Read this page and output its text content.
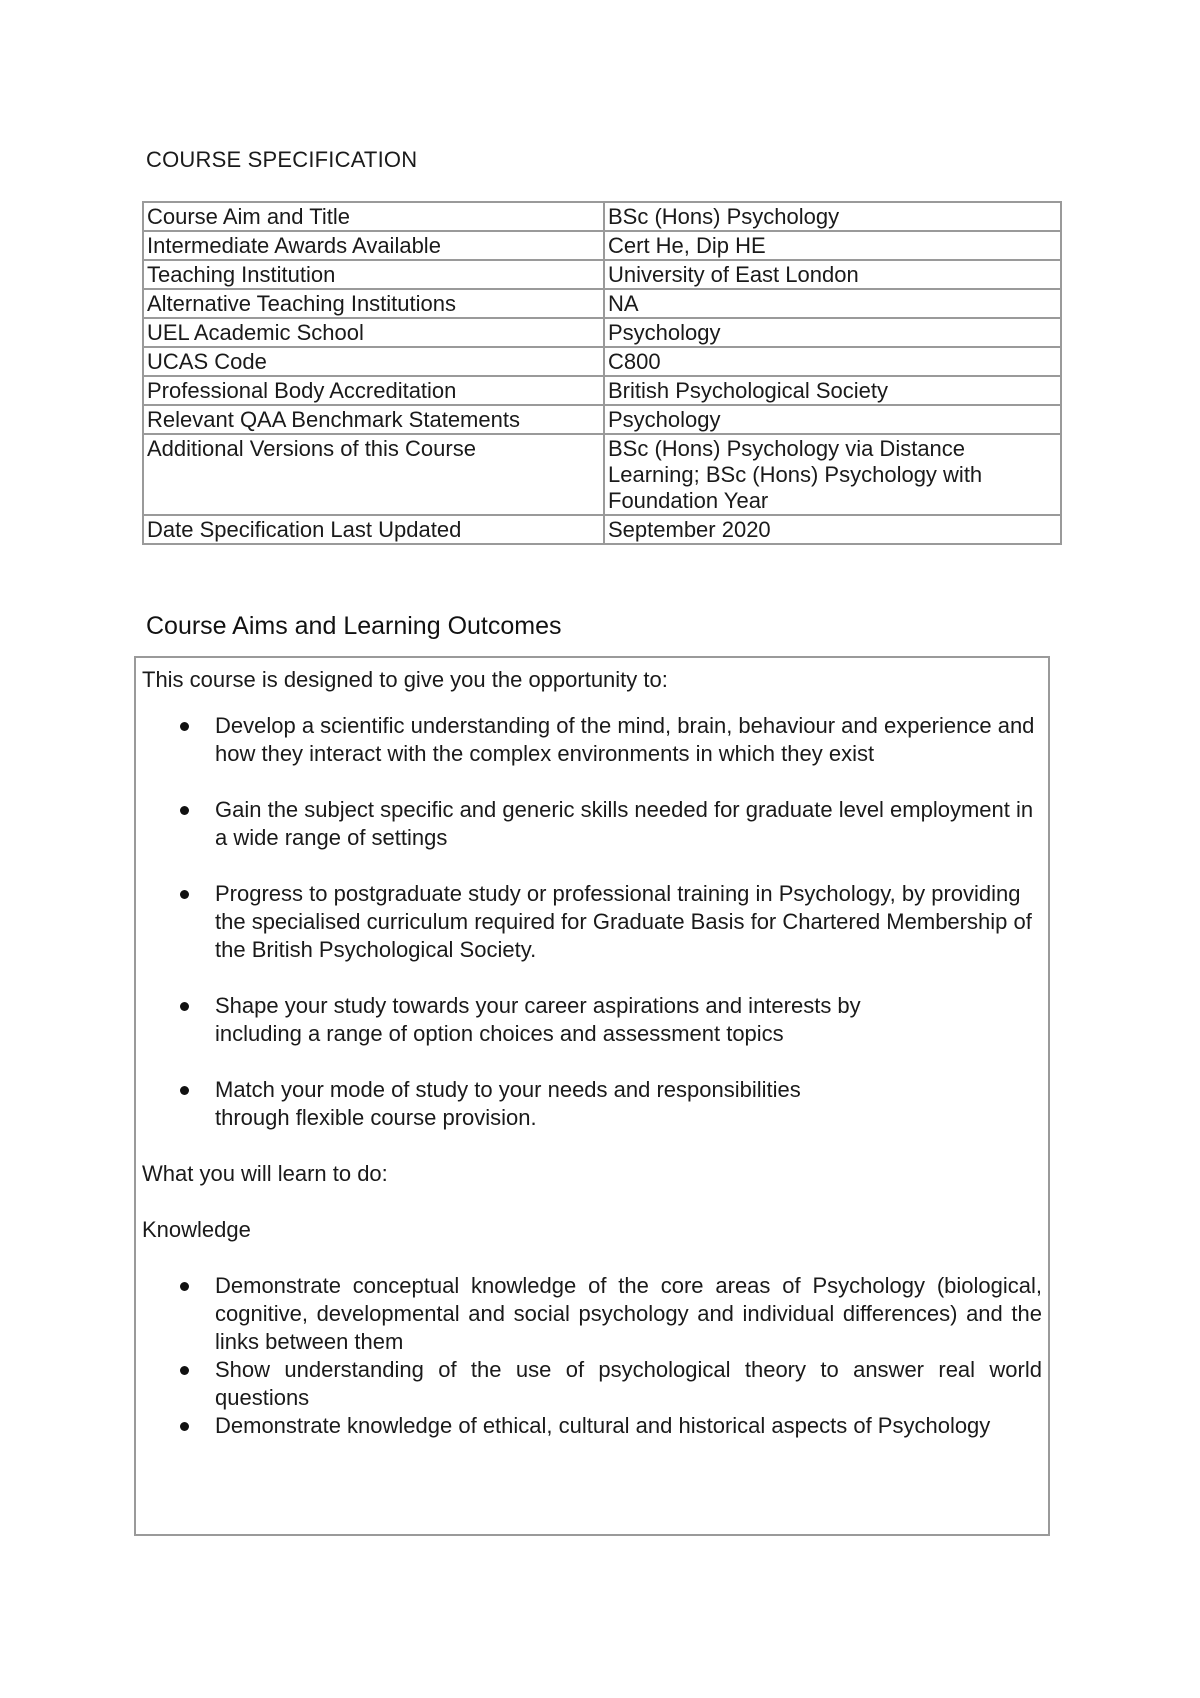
COURSE SPECIFICATION
Course Aim and Title	BSc (Hons) Psychology
Intermediate Awards Available	Cert He, Dip HE
Teaching Institution	University of East London
Alternative Teaching Institutions	NA
UEL Academic School	Psychology
UCAS Code	C800
Professional Body Accreditation	British Psychological Society
Relevant QAA Benchmark Statements	Psychology
Additional Versions of this Course	BSc (Hons) Psychology via Distance Learning; BSc (Hons) Psychology with Foundation Year
Date Specification Last Updated	September 2020
Course Aims and Learning Outcomes

This course is designed to give you the opportunity to:

Develop a scientific understanding of the mind, brain, behaviour and experience and how they interact with the complex environments in which they exist
Gain the subject specific and generic skills needed for graduate level employment in a wide range of settings
Progress to postgraduate study or professional training in Psychology, by providing the specialised curriculum required for Graduate Basis for Chartered Membership of the British Psychological Society.
Shape your study towards your career aspirations and interests by including a range of option choices and assessment topics
Match your mode of study to your needs and responsibilities through flexible course provision.

What you will learn to do:

Knowledge

Demonstrate conceptual knowledge of the core areas of Psychology (biological, cognitive, developmental and social psychology and individual differences) and the links between them
Show understanding of the use of psychological theory to answer real world questions
Demonstrate knowledge of ethical, cultural and historical aspects of Psychology
